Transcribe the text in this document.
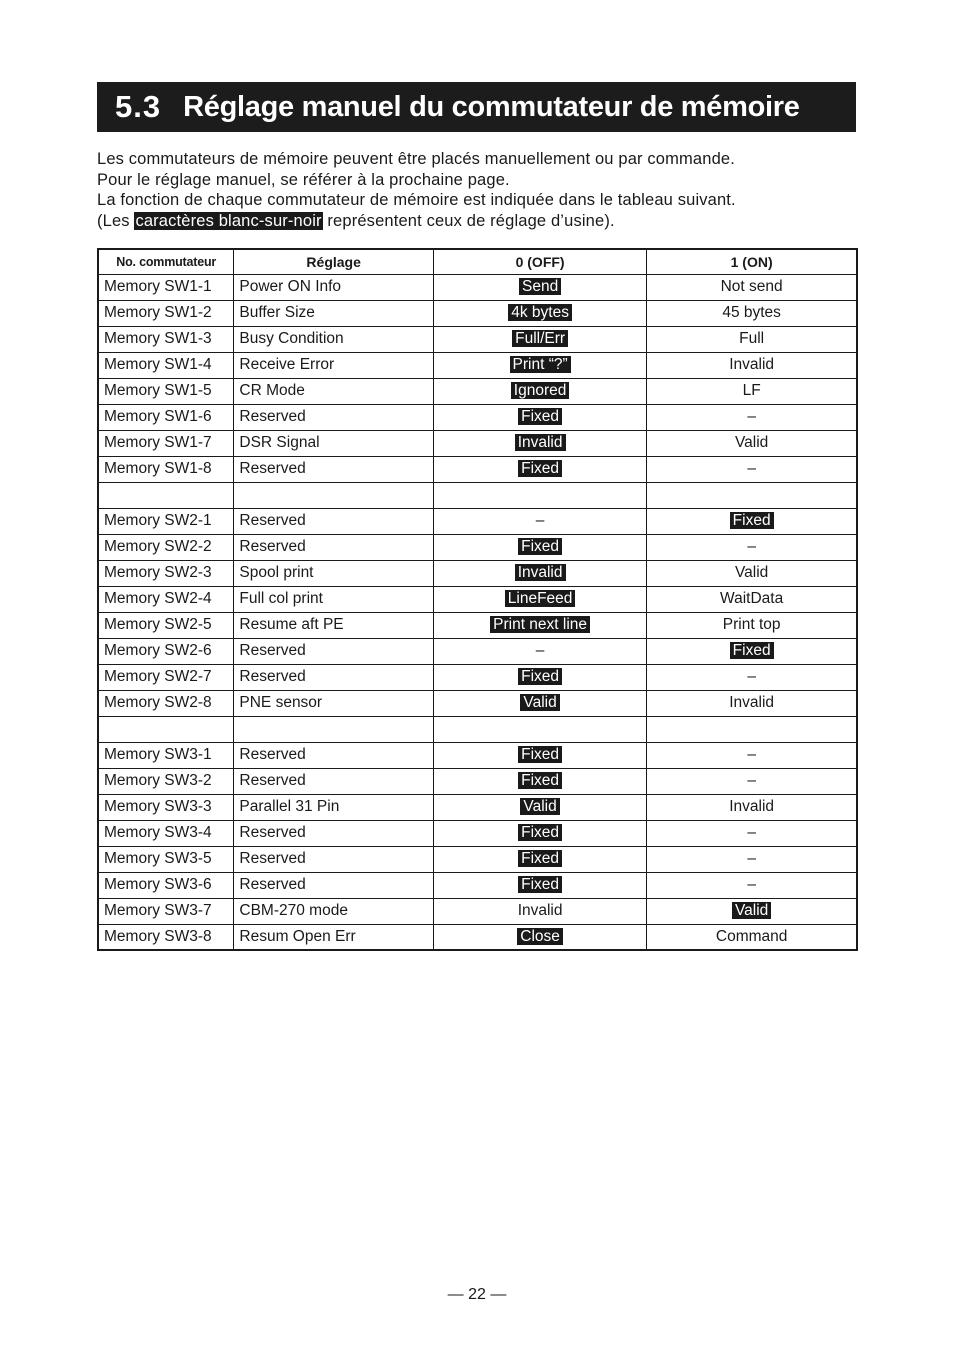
5.3 Réglage manuel du commutateur de mémoire

Les commutateurs de mémoire peuvent être placés manuellement ou par commande.

Pour le réglage manuel, se référer à la prochaine page.

La fonction de chaque commutateur de mémoire est indiquée dans le tableau suivant.

(Les caractères blanc-sur-noir représentent ceux de réglage d’usine).

No. commutateur	Réglage	0 (OFF)	1 (ON)
Memory SW1-1	Power ON Info	Send	Not send
Memory SW1-2	Buffer Size	4k bytes	45 bytes
Memory SW1-3	Busy Condition	Full/Err	Full
Memory SW1-4	Receive Error	Print “?”	Invalid
Memory SW1-5	CR Mode	Ignored	LF
Memory SW1-6	Reserved	Fixed	–
Memory SW1-7	DSR Signal	Invalid	Valid
Memory SW1-8	Reserved	Fixed	–

Memory SW2-1	Reserved	–	Fixed
Memory SW2-2	Reserved	Fixed	–
Memory SW2-3	Spool print	Invalid	Valid
Memory SW2-4	Full col print	LineFeed	WaitData
Memory SW2-5	Resume aft PE	Print next line	Print top
Memory SW2-6	Reserved	–	Fixed
Memory SW2-7	Reserved	Fixed	–
Memory SW2-8	PNE sensor	Valid	Invalid

Memory SW3-1	Reserved	Fixed	–
Memory SW3-2	Reserved	Fixed	–
Memory SW3-3	Parallel 31 Pin	Valid	Invalid
Memory SW3-4	Reserved	Fixed	–
Memory SW3-5	Reserved	Fixed	–
Memory SW3-6	Reserved	Fixed	–
Memory SW3-7	CBM-270 mode	Invalid	Valid
Memory SW3-8	Resum Open Err	Close	Command
— 22 —
